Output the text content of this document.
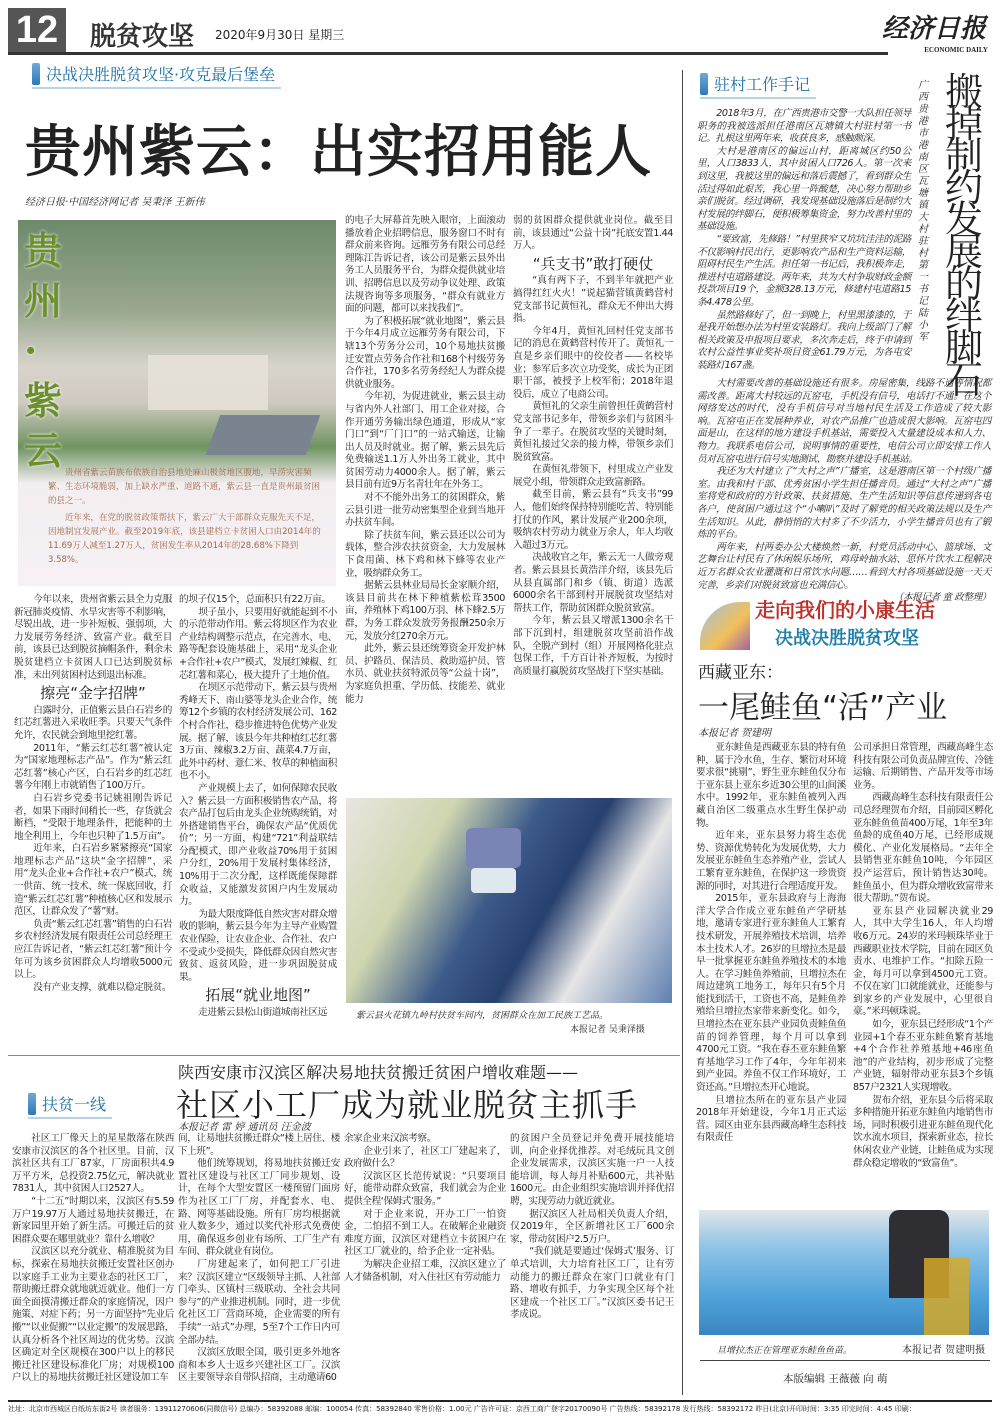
12	脱贫攻坚 2020年9月30日 星期三	经济日报
ECONOMIC DAILY
决战决胜脱贫攻坚·攻克最后堡垒
贵州紫云：出实招用能人
经济日报·中国经济网记者 吴秉泽 王新伟
贵州·紫云 贵州省紫云苗族布依族自治县地处麻山极贫地区腹地，早涝灾害频繁、生态环境脆弱，加上缺水严重、道路不通，紫云县一直是贵州最贫困的县之一。

近年来，在党的脱贫政策帮扶下，紫云广大干部群众克服先天不足，因地制宜发展产业。截至2019年底，该县建档立卡贫困人口由2014年的11.69万人减至1.27万人，贫困发生率从2014年的28.68%下降到3.58%。

今年以来，贵州省紫云县全力克服新冠肺炎疫情、水旱灾害等不利影响，尽锐出战，进一步补短板、强弱项，大力发展劳务经济、致富产业。截至目前，该县已达到脱贫摘帽条件，剩余未脱贫建档立卡贫困人口已达到脱贫标准，未出列贫困村达到退出标准。

擦亮“金字招牌”

白露时分，正值紫云县白石岩乡的红芯红薯进入采收旺季。只要天气条件允许，农民就会到地里挖红薯。

2011年，“紫云红芯红薯”被认定为“国家地理标志产品”。作为“紫云红芯红薯”核心产区，白石岩乡的红芯红薯今年刚上市就销售了100万斤。

白石岩乡党委书记姚祖刚告诉记者，如果下雨时间稍长一些，存货就会断档，“受限于地理条件，把能种的土地全利用上，今年也只种了1.5万亩”。

近年来，白石岩乡紧紧擦亮“国家地理标志产品”这块“金字招牌”，采用“龙头企业+合作社+农户”模式，统一供苗、统一技术、统一保底回收，打造“紫云红芯红薯”种植核心区和发展示范区，让群众发了“薯”财。

负责“紫云红芯红薯”销售的白石岩乡农村经济发展有限责任公司总经理王应江告诉记者，“紫云红芯红薯”预计今年可为该乡贫困群众人均增收5000元以上。

没有产业支撑，就难以稳定脱贫。

的坝子仅15个，总面积只有22万亩。

坝子虽小，只要用好就能起到不小的示范带动作用。紫云将坝区作为农业产业结构调整示范点，在完善水、电、路等配套设施基础上，采用“龙头企业+合作社+农户”模式，发展红辣椒、红芯红薯和菜心，极大提升了土地价值。

在坝区示范带动下，紫云县与贵州秀峰天下、南山婆等龙头企业合作，统筹12个乡镇的农村经济发展公司、162个村合作社，稳步推进特色优势产业发展。据了解，该县今年共种植红芯红薯3万亩、辣椒3.2万亩、蔬菜4.7万亩，此外中药材、薏仁米、牧草的种植面积也不小。

产业规模上去了，如何保障农民收入？紫云县一方面积极销售农产品，将农产品打包后由龙头企业统购统销，对外搭建销售平台，确保农产品“优质优价”；另一方面，构建“721”利益联结分配模式，即产业收益70%用于贫困户分红，20%用于发展村集体经济，10%用于二次分配，这样既能保障群众收益，又能激发贫困户内生发展动力。

为最大限度降低自然灾害对群众增收的影响，紫云县今年为主导产业购置农业保险，让农业企业、合作社、农户不受或少受损失，降低群众因自然灾害致贫、返贫风险，进一步巩固脱贫成果。

拓展“就业地图”

走进紫云县松山街道城南社区远

的电子大屏幕首先映入眼帘，上面滚动播放着企业招聘信息，服务窗口不时有群众前来咨询。远雁劳务有限公司总经理陈江告诉记者，该公司是紫云县外出务工人员服务平台，为群众提供就业培训、招聘信息以及劳动争议处理、政策法规咨询等多项服务，“群众有就业方面的问题，都可以来找我们”。

为了积极拓展“就业地图”，紫云县于今年4月成立远雁劳务有限公司，下辖13个劳务分公司，10个易地扶贫搬迁安置点劳务合作社和168个村级劳务合作社，170多名劳务经纪人为群众提供就业服务。

今年初，为促进就业，紫云县主动与省内外人社部门、用工企业对接，合作开通劳务输出绿色通道，形成从“家门口”到“厂门口”的一站式输送，让输出人员及时就业。据了解，紫云县先后免费输送1.1万人外出务工就业，其中贫困劳动力4000余人。据了解，紫云县目前有近9万名青壮年在外务工。

对不不能外出务工的贫困群众，紫云县引进一批劳动密集型企业到当地开办扶贫车间。

除了扶贫车间，紫云县还以公司为载体，整合涉农扶贫资金，大力发展林下食用菌、林下鸡和林下蜂等农业产业，吸纳群众务工。

据紫云县林业局局长金家顺介绍，该县目前共在林下种植紫松茸3500亩，养殖林下鸡100万羽、林下蜂2.5万群，为务工群众发放劳务报酬250余万元，发放分红270余万元。

此外，紫云县还统筹资金开发护林员、护路员、保洁员、救助巡护员、管水员、就业扶贫特派员等“公益十岗”，为家庭负担重、学历低、技能差、就业能力

弱的贫困群众提供就业岗位。截至目前，该县通过“公益十岗”托底安置1.44万人。

“兵支书”敢打硬仗

“真有两下子，不到半年就把产业搞得红红火火！”说起猫营镇黄鹤营村党支部书记黄恒礼，群众无不伸出大拇指。

今年4月，黄恒礼回村任党支部书记的消息在黄鹤营村传开了。黄恒礼一直是乡亲们眼中的佼佼者——名校毕业；参军后多次立功受奖，成长为正团职干部，被授予上校军衔；2018年退役后，成立了电商公司。

黄恒礼的父亲生前曾担任黄鹤营村党支部书记多年，带领乡亲们与贫困斗争了一辈子。在脱贫攻坚的关键时刻，黄恒礼接过父亲的接力棒，带领乡亲们脱贫致富。

在黄恒礼带领下，村里成立产业发展党小组，带领群众走致富新路。

截至目前，紫云县有“兵支书”99人，他们始终保持特别能吃苦、特别能打仗的作风，累计发展产业200余项，吸纳农村劳动力就业万余人，年人均收入超过3万元。

决战收官之年，紫云无一人做旁观者。紫云县县长黄浩洋介绍，该县先后从县直属部门和乡（镇、街道）选派6000余名干部到村开展脱贫攻坚结对帮扶工作，帮助贫困群众脱贫致富。

今年，紫云县又增派1300余名干部下沉到村，组建脱贫攻坚前沿作战队，全脱产到村（组）开展网格化驻点包保工作，千方百计补齐短板，为按时高质量打赢脱贫攻坚战打下坚实基础。

紫云县火花镇九岭村扶贫车间内，贫困群众在加工民族工艺品。
本报记者 吴秉泽摄
驻村工作手记	搬掉制约发展的绊脚石
广西贵港市港南区瓦塘镇大村驻村第一书记 陆小军

2018年3月，在广西贵港市交警一大队担任领导职务的我被选派担任港南区瓦塘镇大村驻村第一书记。扎根这里两年来，收获良多，感触颇深。

大村是港南区的偏远山村，距离城区约50公里，人口3833人，其中贫困人口726人。第一次来到这里，我被这里的偏远和落后震撼了，看到群众生活过得如此艰苦，我心里一阵酸楚，决心努力帮助乡亲们脱贫。经过调研，我发现基础设施落后是制约大村发展的绊脚石，便积极筹集资金，努力改善村里的基础设施。

“要致富，先修路！”村里狭窄又坑坑洼洼的泥路不仅影响村民出行，更影响农产品和生产资料运输，阻碍村民生产生活。担任第一书记后，我积极奔走，推进村屯道路建设。两年来，共为大村争取财政金额投款项目19个，金额328.13万元，修建村屯道路15条4.478公里。

虽然路修好了，但一到晚上，村里黑漆漆的，于是我开始想办法为村里安装路灯。我向上级部门了解相关政策及申报项目要求，多次奔走后，终于申请到农村公益性事业奖补项目资金61.79万元，为各屯安装路灯167盏。

大村需要改善的基础设施还有很多。房屋密集，线路不通等情况都需改善。距离大村较远的瓦窑屯，手机没有信号，电话打不通。在这个网络发达的时代，没有手机信号对当地村民生活及工作造成了较大影响。瓦窑屯正在发展种养业，对农产品推广也造成很大影响。瓦窑屯四面是山，在这样的地方建设手机基站，需要投入大量建设成本和人力、物力。我联系电信公司，说明事情的重要性，电信公司立即安排工作人员对瓦窑屯进行信号实地测试、勘察并建设手机基站。

我还为大村建立了“大村之声”广播室，这是港南区第一个村级广播室。由我和村干部、优秀贫困小学生担任播音员。通过“大村之声”广播室将党和政府的方针政策、扶贫措施、生产生活知识等信息传递到各屯各户，使贫困户通过这个“小喇叭”及时了解党的相关政策法规以及生产生活知识。从此，静悄悄的大村多了不少活力，小学生播音员也有了锻炼的平台。

两年来，村两委办公大楼焕然一新，村党员活动中心、篮球场、文艺舞台让村民有了休闲娱乐场所，鸡母岭抽水站、思怀片饮水工程解决近万名群众农业灌溉和日常饮水问题……看到大村各项基础设施一天天完善，乡亲们对脱贫致富也充满信心。

（本报记者 童 政整理）

走向我们的小康生活
决战决胜脱贫攻坚
西藏亚东：
一尾鲑鱼“活”产业
本报记者 贺建明

亚东鲑鱼是西藏亚东县的特有鱼种，属于冷水鱼，生存、繁衍对环境要求很“挑剔”，野生亚东鲑鱼仅分布于亚东县上亚东乡近30公里的山间溪水中。1992年，亚东鲑鱼被列入西藏自治区二级重点水生野生保护动物。

近年来，亚东县努力将生态优势、资源优势转化为发展优势，大力发展亚东鲑鱼生态养殖产业，尝试人工繁育亚东鲑鱼，在保护这一珍贵资源的同时，对其进行合理适度开发。

2015年，亚东县政府与上海海洋大学合作成立亚东鲑鱼产学研基地，邀请专家进行亚东鲑鱼人工繁育技术研发，开展养殖技术培训，培养本土技术人才。26岁的旦增拉杰是最早一批掌握亚东鲑鱼养殖技术的本地人。在学习鲑鱼养殖前，旦增拉杰在周边建筑工地务工，每年只有5个月能找到活干，工资也不高，是鲑鱼养殖给旦增拉杰家带来新变化。如今，旦增拉杰在亚东县产业园负责鲑鱼鱼苗的饲养管理，每个月可以拿到4700元工资。“我在春丕亚东鲑鱼繁育基地学习工作了4年，今年年初来到产业园。养鱼不仅工作环境好，工资还高。”旦增拉杰开心地说。

旦增拉杰所在的亚东县产业园2018年开始建设，今年1月正式运营。园区由亚东县西藏高峰生态科技有限责任

公司承担日常管理，西藏高峰生态科技有限公司负责品牌宣传、冷链运输、后期销售、产品开发等市场业务。

西藏高峰生态科技有限责任公司总经理贺布介绍，目前园区孵化亚东鲑鱼鱼苗400万尾，1年至3年鱼龄的成鱼40万尾，已经形成规模化、产业化发展格局。“去年全县销售亚东鲑鱼10吨，今年园区投产运营后，预计销售达30吨。鲑鱼虽小，但为群众增收致富带来很大帮助。”贺布说。

亚东县产业园解决就业29人，其中大学生16人，年人均增收6万元。24岁的米玛顿珠毕业于西藏职业技术学院，目前在园区负责水、电维护工作。“扣除五险一金，每月可以拿到4500元工资。不仅在家门口就能就业，还能参与到家乡的产业发展中，心里很自豪。”米玛顿珠说。

如今，亚东县已经形成“1个产业园+1个春丕亚东鲑鱼繁育基地+4个合作社养殖基地+46座鱼池”的产业结构，初步形成了完整产业链，辐射带动亚东县3个乡镇857户2321人实现增收。

贺布介绍，亚东县今后将采取多种措施开拓亚东鲑鱼内地销售市场，同时积极引进亚东鲑鱼现代化饮水流水项目，探索新业态，拉长休闲农业产业链，让鲑鱼成为实现群众稳定增收的“致富鱼”。

旦增拉杰正在管理亚东鲑鱼鱼苗。	本报记者 贺建明摄
本版编辑 王薇薇 向 萌
扶贫一线
陕西安康市汉滨区解决易地扶贫搬迁贫困户增收难题——
社区小工厂成为就业脱贫主抓手
本报记者 雷 婷 通讯员 汪金波

社区工厂像天上的星星散落在陕西安康市汉滨区的各个社区里。目前，汉滨社区共有工厂87家，厂房面积共4.9万平方米，总投资2.75亿元，解决就业7831人，其中贫困人口2527人。

“十二五”时期以来，汉滨区有5.59万户19.97万人通过易地扶贫搬迁，在新家园里开始了新生活。可搬迁后的贫困群众要在哪里就业？靠什么增收？

汉滨区以充分就业、精准脱贫为目标，探索在易地扶贫搬迁安置社区创办以家庭手工业为主要业态的社区工厂，帮助搬迁群众就地就近就业。他们一方面全面摸清搬迁群众的家庭情况，因户施策、对症下药；另一方面坚持“先业后搬”“以业促搬”“以业定搬”的发展思路，认真分析各个社区周边的优劣势。汉滨区确定对全区规模在300户以上的移民搬迁社区建设标准化厂房；对规模100户以上的易地扶贫搬迁社区建设加工车

间，让易地扶贫搬迁群众“楼上居住、楼下上班”。

他们统筹规划，将易地扶贫搬迁安置社区建设与社区工厂同步规划、设计，在每个大型安置区一楼预留门面房作为社区工厂厂房，并配套水、电、路、网等基础设施。所有厂房均根据就业人数多少，通过以奖代补形式免费使用，确保返乡创业有场所、工厂生产有车间、群众就业有岗位。

厂房建起来了，如何把工厂引进来？汉滨区建立“区级领导主抓、人社部门牵头、区镇村三级联动、全社会共同参与”的产业推进机制。同时，进一步优化社区工厂营商环境，企业需要的所有手续“一站式”办理，5至7个工作日内可全部办结。

汉滨区放眼全国，吸引更多外地客商和本乡人士返乡兴建社区工厂。汉滨区主要领导亲自带队招商，主动邀请60

余家企业来汉滨考察。

企业引来了，社区工厂建起来了，政府做什么？

汉滨区区长范传斌说：“只要项目好，能带动群众致富，我们就会为企业提供全程‘保姆式’服务。”

对于企业来说，开办工厂一怕资金，二怕招不到工人。在破解企业融资难度方面，汉滨区对建档立卡贫困户在社区工厂就业的，给予企业一定补贴。

为解决企业招工难，汉滨区建立了人才储备机制，对入住社区有劳动能力

的贫困户全员登记并免费开展技能培训，向企业择优推荐。对毛绒玩具文创企业发展需求，汉滨区实施一户一人技能培训，每人每月补贴600元，共补贴1600元。由企业组织实施培训并择优招聘，实现劳动力就近就业。

据汉滨区人社局相关负责人介绍，仅2019年，全区新增社区工厂600余家，带动贫困户2.5万户。

“我们就是要通过‘保姆式’服务、订单式培训，大力培育社区工厂，让有劳动能力的搬迁群众在家门口就业有门路、增收有抓手，力争实现全区每个社区建成一个社区工厂。”汉滨区委书记王孝成说。

社址：北京市西城区白纸坊东街2号 读者服务：13911270606(同微信号) 总编办：58392088 邮编：100054 传真：58392840 零售价格：1.00元 广告许可证：京西工商广登字20170090号 广告热线：58392178 发行热线：58392172 昨日(北京)开印时间：3:35 印完时间：4:45 印刷：
